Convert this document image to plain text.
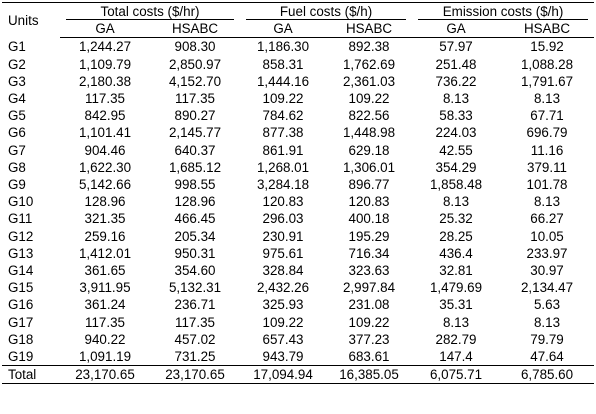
Units	Total costs ($/hr)		Fuel costs ($/h)		Emission costs ($/h)	
	GA	HSABC	GA	HSABC	GA	HSABC
G1	1,244.27	908.30	1,186.30	892.38	57.97	15.92
G2	1,109.79	2,850.97	858.31	1,762.69	251.48	1,088.28
G3	2,180.38	4,152.70	1,444.16	2,361.03	736.22	1,791.67
G4	117.35	117.35	109.22	109.22	8.13	8.13
G5	842.95	890.27	784.62	822.56	58.33	67.71
G6	1,101.41	2,145.77	877.38	1,448.98	224.03	696.79
G7	904.46	640.37	861.91	629.18	42.55	11.16
G8	1,622.30	1,685.12	1,268.01	1,306.01	354.29	379.11
G9	5,142.66	998.55	3,284.18	896.77	1,858.48	101.78
G10	128.96	128.96	120.83	120.83	8.13	8.13
G11	321.35	466.45	296.03	400.18	25.32	66.27
G12	259.16	205.34	230.91	195.29	28.25	10.05
G13	1,412.01	950.31	975.61	716.34	436.4	233.97
G14	361.65	354.60	328.84	323.63	32.81	30.97
G15	3,911.95	5,132.31	2,432.26	2,997.84	1,479.69	2,134.47
G16	361.24	236.71	325.93	231.08	35.31	5.63
G17	117.35	117.35	109.22	109.22	8.13	8.13
G18	940.22	457.02	657.43	377.23	282.79	79.79
G19	1,091.19	731.25	943.79	683.61	147.4	47.64
Total	23,170.65	23,170.65	17,094.94	16,385.05	6,075.71	6,785.60
